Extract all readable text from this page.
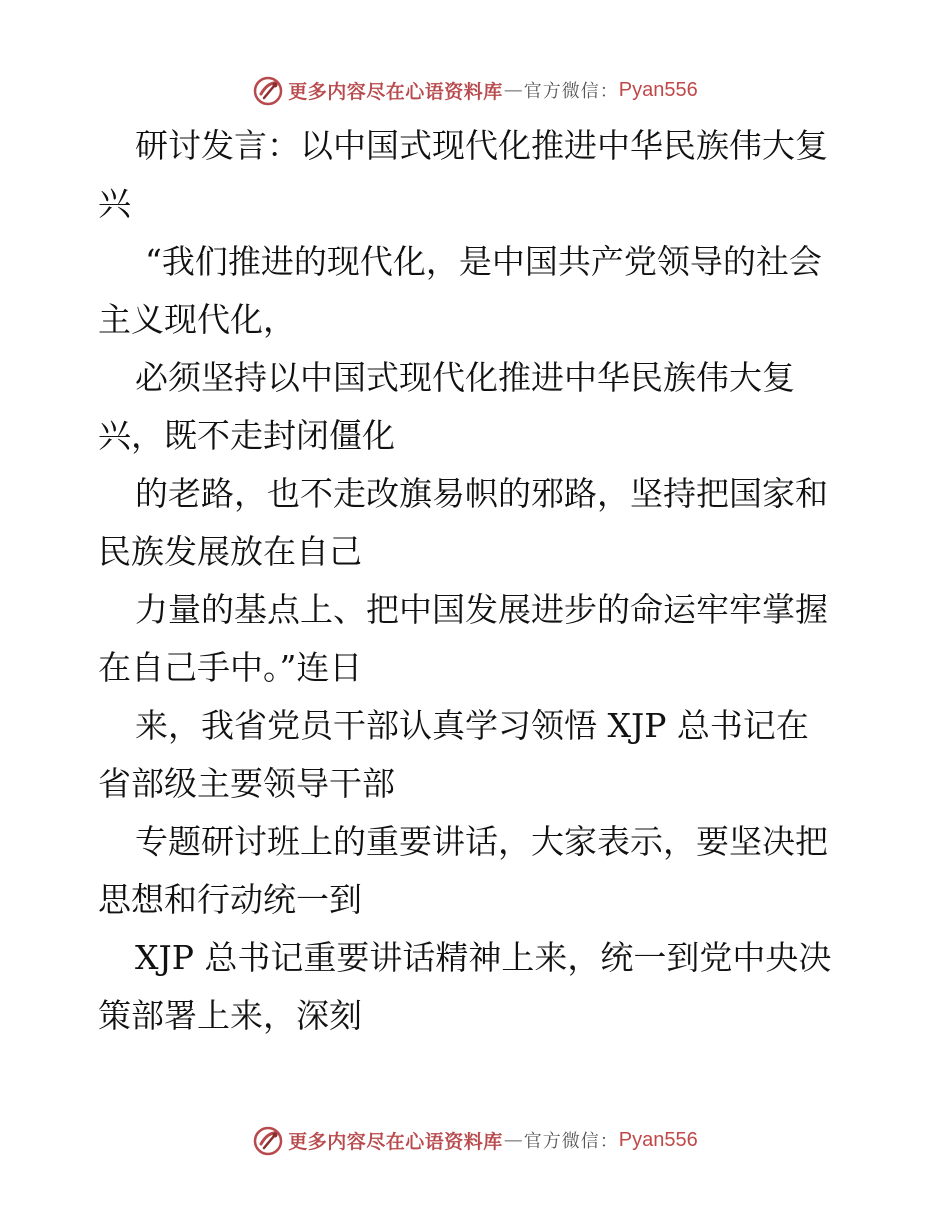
更多内容尽在心语资料库 — 官方微信： Pyan556
研讨发言：以中国式现代化推进中华民族伟大复
兴
“我们推进的现代化，是中国共产党领导的社会
主义现代化，
必须坚持以中国式现代化推进中华民族伟大复
兴，既不走封闭僵化
的老路，也不走改旗易帜的邪路，坚持把国家和
民族发展放在自己
力量的基点上、把中国发展进步的命运牢牢掌握
在自己手中。”连日
来，我省党员干部认真学习领悟 XJP 总书记在
省部级主要领导干部
专题研讨班上的重要讲话，大家表示，要坚决把
思想和行动统一到
XJP 总书记重要讲话精神上来，统一到党中央决
策部署上来，深刻
更多内容尽在心语资料库 — 官方微信： Pyan556
